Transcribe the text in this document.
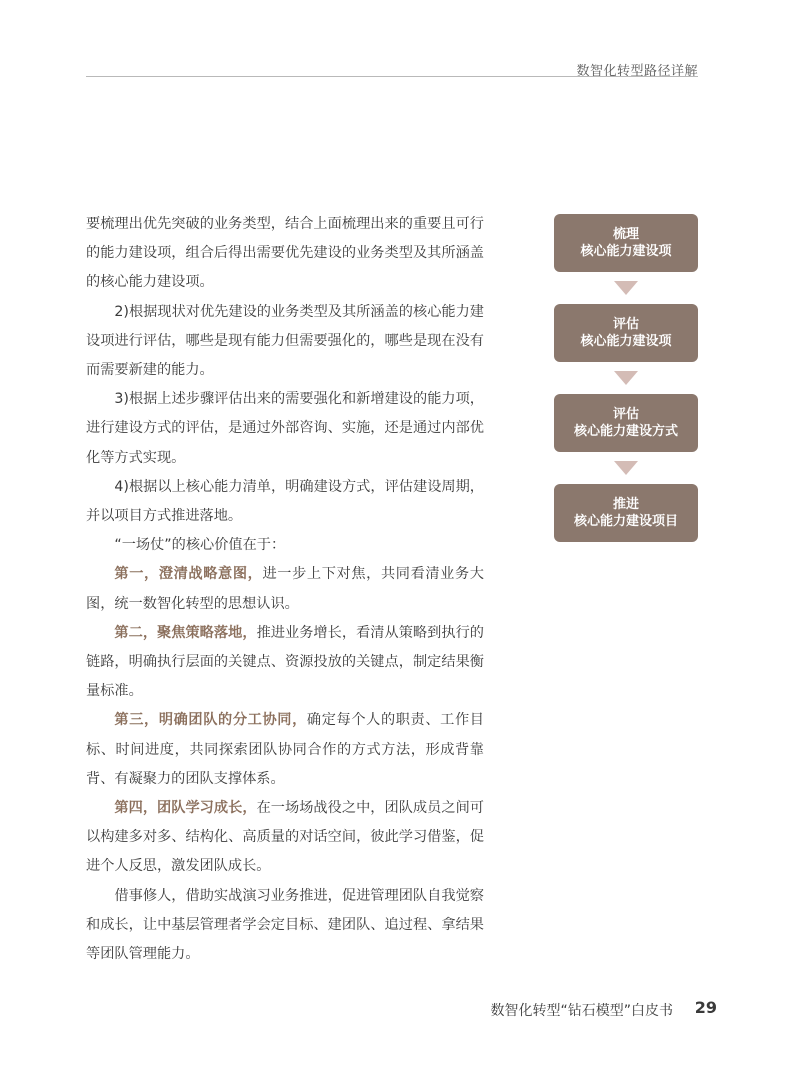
数智化转型路径详解

要梳理出优先突破的业务类型，结合上面梳理出来的重要且可行的能力建设项，组合后得出需要优先建设的业务类型及其所涵盖的核心能力建设项。

2)根据现状对优先建设的业务类型及其所涵盖的核心能力建设项进行评估，哪些是现有能力但需要强化的，哪些是现在没有而需要新建的能力。

3)根据上述步骤评估出来的需要强化和新增建设的能力项，进行建设方式的评估，是通过外部咨询、实施，还是通过内部优化等方式实现。

4)根据以上核心能力清单，明确建设方式，评估建设周期，并以项目方式推进落地。

“一场仗”的核心价值在于：

第一，澄清战略意图，进一步上下对焦，共同看清业务大图，统一数智化转型的思想认识。

第二，聚焦策略落地，推进业务增长，看清从策略到执行的链路，明确执行层面的关键点、资源投放的关键点，制定结果衡量标准。

第三，明确团队的分工协同，确定每个人的职责、工作目标、时间进度，共同探索团队协同合作的方式方法，形成背靠背、有凝聚力的团队支撑体系。

第四，团队学习成长，在一场场战役之中，团队成员之间可以构建多对多、结构化、高质量的对话空间，彼此学习借鉴，促进个人反思，激发团队成长。

借事修人，借助实战演习业务推进，促进管理团队自我觉察和成长，让中基层管理者学会定目标、建团队、追过程、拿结果等团队管理能力。

梳理
核心能力建设项
评估
核心能力建设项
评估
核心能力建设方式
推进
核心能力建设项目
数智化转型“钻石模型”白皮书 29
